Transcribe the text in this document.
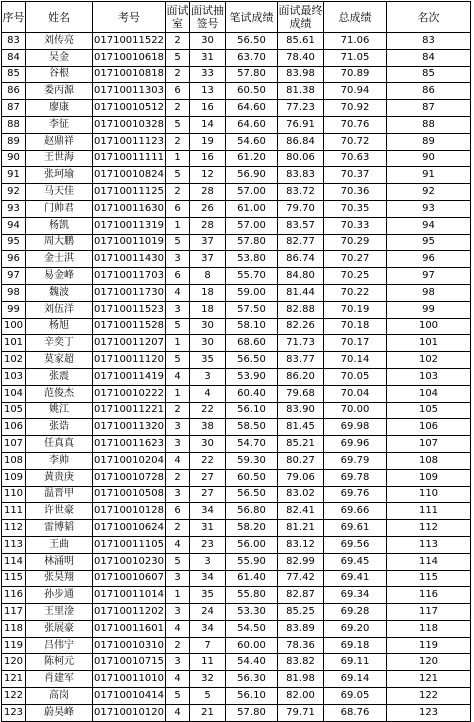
序号	姓名	考号	面试室	面试抽签号	笔试成绩	面试最终成绩	总成绩	名次
83	刘传亮	01710011522	2	30	56.50	85.61	71.06	83
84	吴金	01710010618	5	31	63.70	78.40	71.05	84
85	谷根	01710010818	2	33	57.80	83.98	70.89	85
86	娄丙源	01710011303	6	13	60.50	81.38	70.94	86
87	廖康	01710010512	2	16	64.60	77.23	70.92	87
88	李征	01710010328	5	14	64.60	76.91	70.76	88
89	赵鼎祥	01710011123	2	19	54.60	86.84	70.72	89
90	王世海	01710011111	1	16	61.20	80.06	70.63	90
91	张珂瑜	01710010824	5	12	56.90	83.83	70.37	91
92	马天佳	01710011125	2	28	57.00	83.72	70.36	92
93	门帅君	01710011630	6	26	61.00	79.70	70.35	93
94	杨凯	01710011319	1	28	57.00	83.57	70.33	94
95	周大鹏	01710011019	5	37	57.80	82.77	70.29	95
96	金士淇	01710011430	3	37	53.80	86.74	70.27	96
97	易金峰	01710011703	6	8	55.70	84.80	70.25	97
98	魏波	01710011730	4	18	59.00	81.44	70.22	98
99	刘伍洋	01710011523	3	18	57.50	82.88	70.19	99
100	杨旭	01710011528	5	30	58.10	82.26	70.18	100
101	辛奕丁	01710011207	1	30	68.60	71.73	70.17	101
102	莫家超	01710011120	5	35	56.50	83.77	70.14	102
103	张震	01710011419	4	3	53.90	86.20	70.05	103
104	范俊杰	01710010222	1	4	60.40	79.68	70.04	104
105	姚江	01710011221	2	22	56.10	83.90	70.00	105
106	张诰	01710011320	3	38	58.50	81.45	69.98	106
107	任真真	01710011623	3	30	54.70	85.21	69.96	107
108	李帅	01710010204	4	22	59.30	80.27	69.79	108
109	黄贵庚	01710010728	2	27	60.50	79.06	69.78	109
110	温晋甲	01710010508	3	27	56.50	83.02	69.76	110
111	许世豪	01710010128	6	34	56.80	82.41	69.66	111
112	雷博韬	01710010624	2	31	58.20	81.21	69.61	112
113	王曲	01710011105	4	23	56.00	83.12	69.56	113
114	林涌明	01710010230	5	3	55.90	82.99	69.45	114
115	张昊翔	01710010607	3	34	61.40	77.42	69.41	115
116	孙步通	01710011014	1	35	55.80	82.87	69.34	116
117	王里淦	01710011202	3	24	53.30	85.25	69.28	117
118	张展豪	01710011601	4	34	54.50	83.89	69.20	118
119	吕伟宁	01710010310	2	7	60.00	78.36	69.18	119
120	陈柯元	01710010715	3	11	54.40	83.82	69.11	120
121	肖建军	01710011010	4	32	56.30	81.98	69.14	121
122	高岗	01710010414	5	5	56.10	82.00	69.05	122
123	蔚昊峰	01710010120	4	21	57.80	79.71	68.76	123
